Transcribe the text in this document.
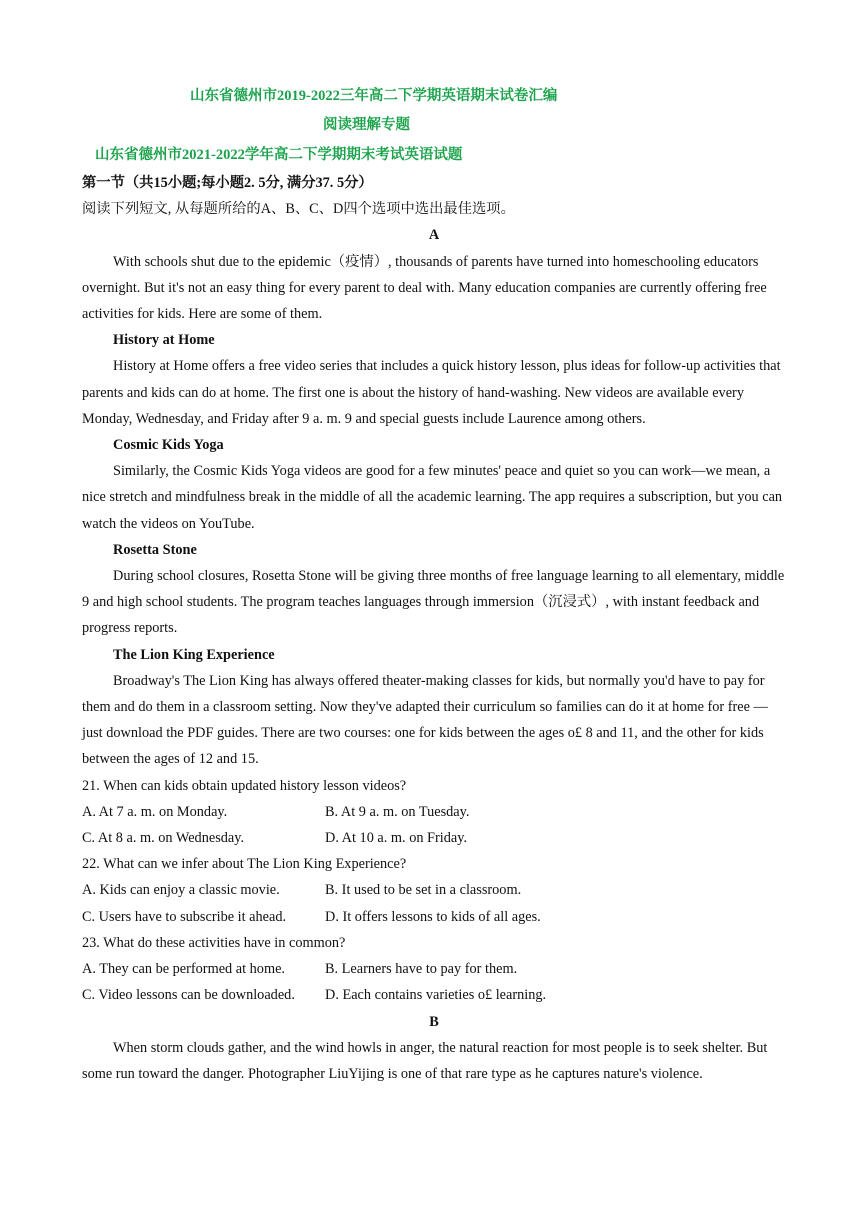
山东省德州市2019-2022三年高二下学期英语期末试卷汇编
阅读理解专题
山东省德州市2021-2022学年高二下学期期末考试英语试题

第一节（共15小题;每小题2. 5分, 满分37. 5分）

阅读下列短文, 从每题所给的A、B、C、D四个选项中选出最佳选项。

A

With schools shut due to the epidemic（疫情）, thousands of parents have turned into homeschooling educators overnight. But it's not an easy thing for every parent to deal with. Many education companies are currently offering free activities for kids. Here are some of them.

History at Home

History at Home offers a free video series that includes a quick history lesson, plus ideas for follow-up activities that parents and kids can do at home. The first one is about the history of hand-washing. New videos are available every Monday, Wednesday, and Friday after 9 a. m. 9 and special guests include Laurence among others.

Cosmic Kids Yoga

Similarly, the Cosmic Kids Yoga videos are good for a few minutes' peace and quiet so you can work—we mean, a nice stretch and mindfulness break in the middle of all the academic learning. The app requires a subscription, but you can watch the videos on YouTube.

Rosetta Stone

During school closures, Rosetta Stone will be giving three months of free language learning to all elementary, middle 9 and high school students. The program teaches languages through immersion（沉浸式）, with instant feedback and progress reports.

The Lion King Experience

Broadway's The Lion King has always offered theater-making classes for kids, but normally you'd have to pay for them and do them in a classroom setting. Now they've adapted their curriculum so families can do it at home for free — just download the PDF guides. There are two courses: one for kids between the ages o£ 8 and 11, and the other for kids between the ages of 12 and 15.

21. When can kids obtain updated history lesson videos?

A. At 7 a. m. on Monday.	B. At 9 a. m. on Tuesday.
C. At 8 a. m. on Wednesday.	D. At 10 a. m. on Friday.

22. What can we infer about The Lion King Experience?

A. Kids can enjoy a classic movie.	B. It used to be set in a classroom.
C. Users have to subscribe it ahead.	D. It offers lessons to kids of all ages.

23. What do these activities have in common?

A. They can be performed at home.	B. Learners have to pay for them.
C. Video lessons can be downloaded.	D. Each contains varieties o£ learning.

B

When storm clouds gather, and the wind howls in anger, the natural reaction for most people is to seek shelter. But some run toward the danger. Photographer LiuYijing is one of that rare type as he captures nature's violence.
